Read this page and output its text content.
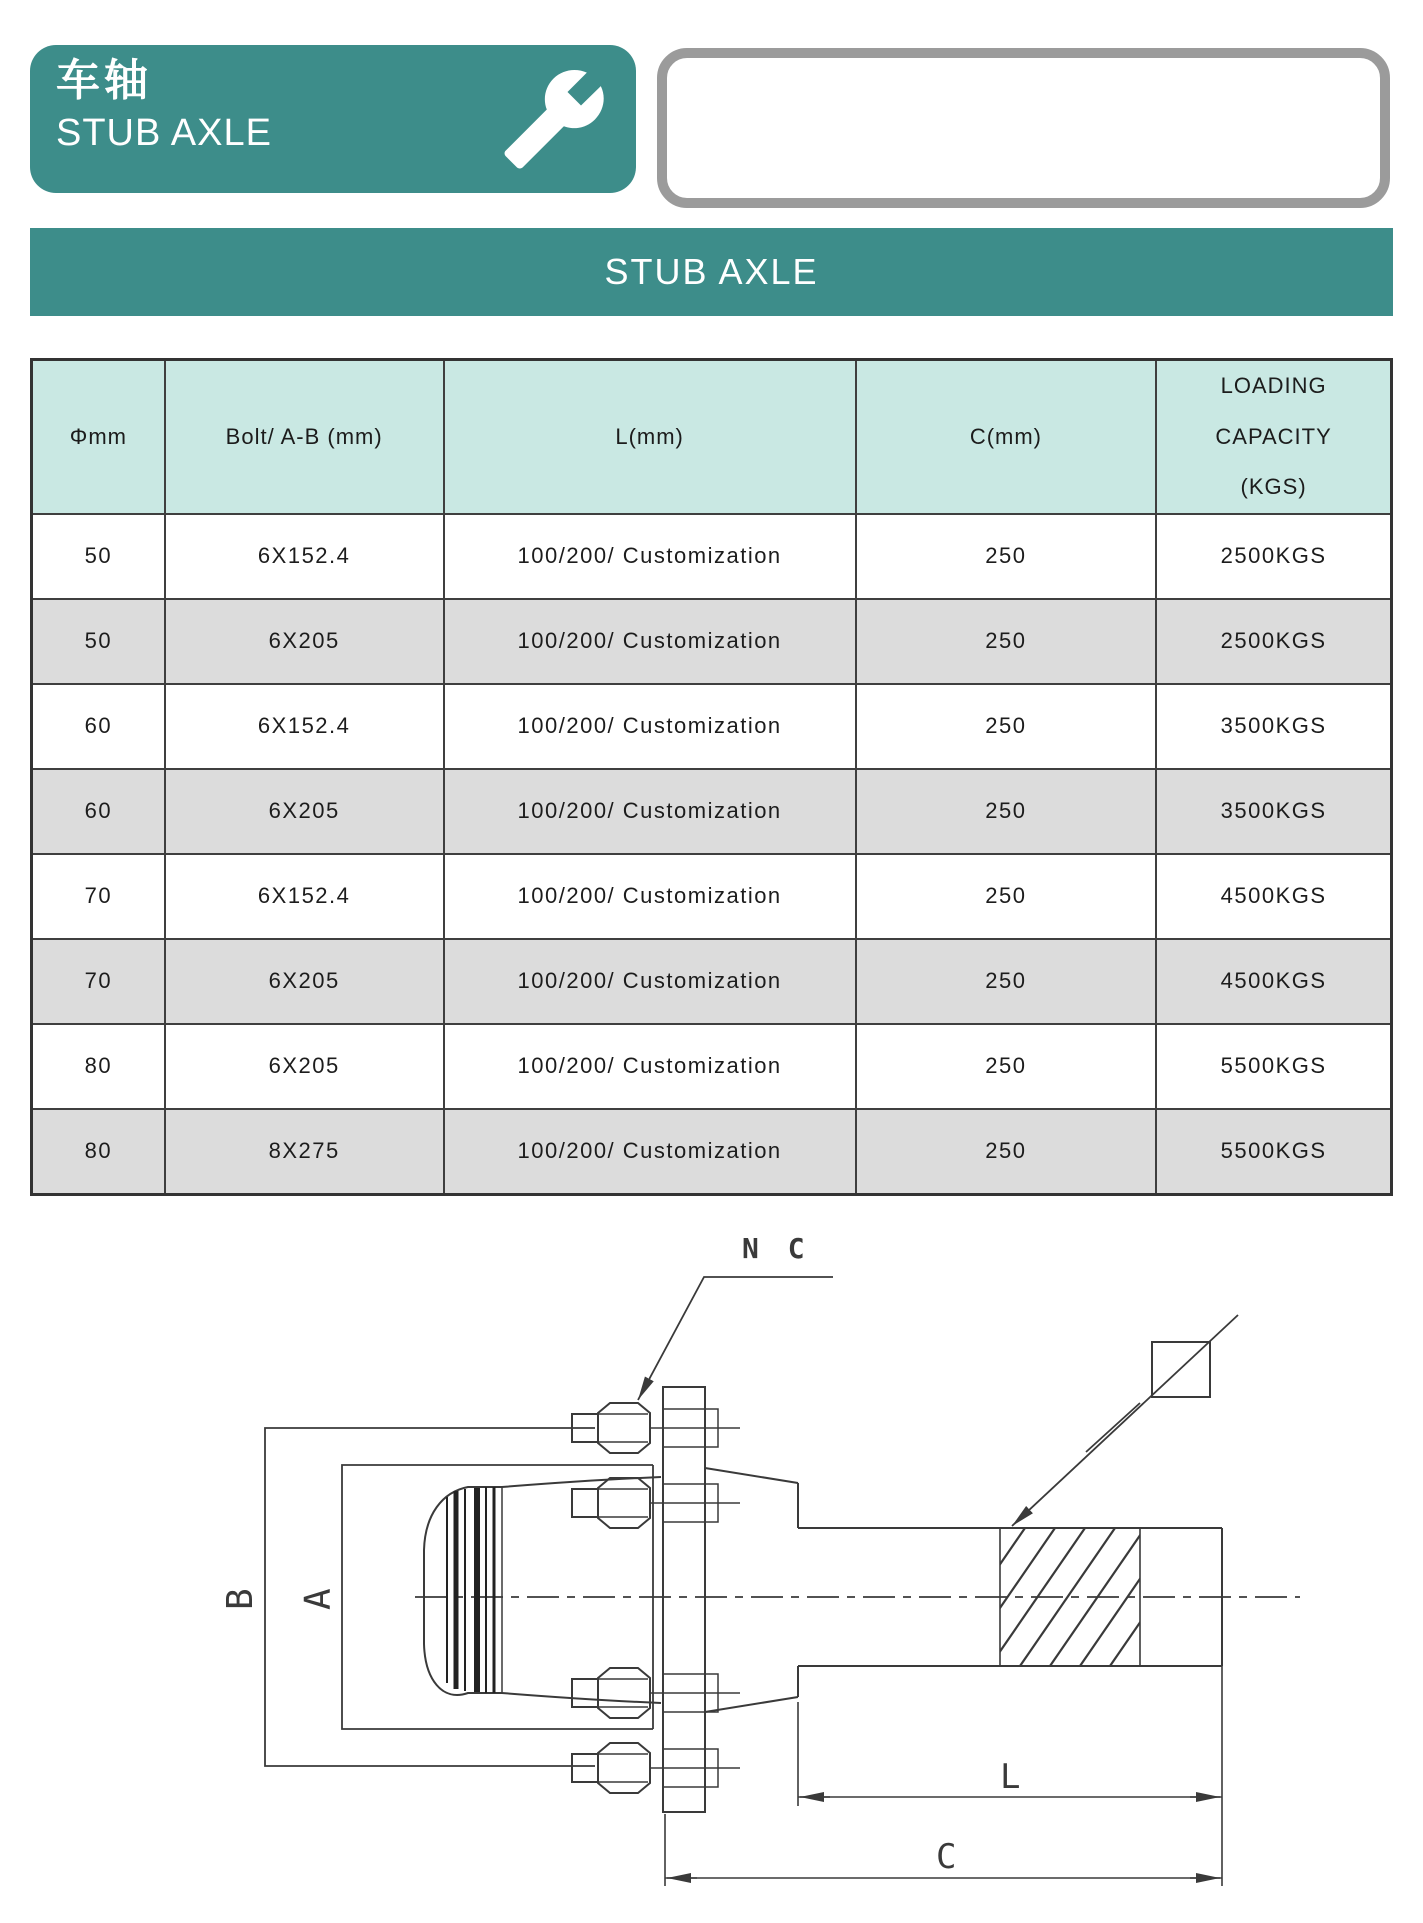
车轴
STUB AXLE
STUB AXLE
Φmm	Bolt/ A-B (mm)	L(mm)	C(mm)	LOADING CAPACITY (KGS)
50	6X152.4	100/200/ Customization	250	2500KGS
50	6X205	100/200/ Customization	250	2500KGS
60	6X152.4	100/200/ Customization	250	3500KGS
60	6X205	100/200/ Customization	250	3500KGS
70	6X152.4	100/200/ Customization	250	4500KGS
70	6X205	100/200/ Customization	250	4500KGS
80	6X205	100/200/ Customization	250	5500KGS
80	8X275	100/200/ Customization	250	5500KGS
N C
B A
L
C
